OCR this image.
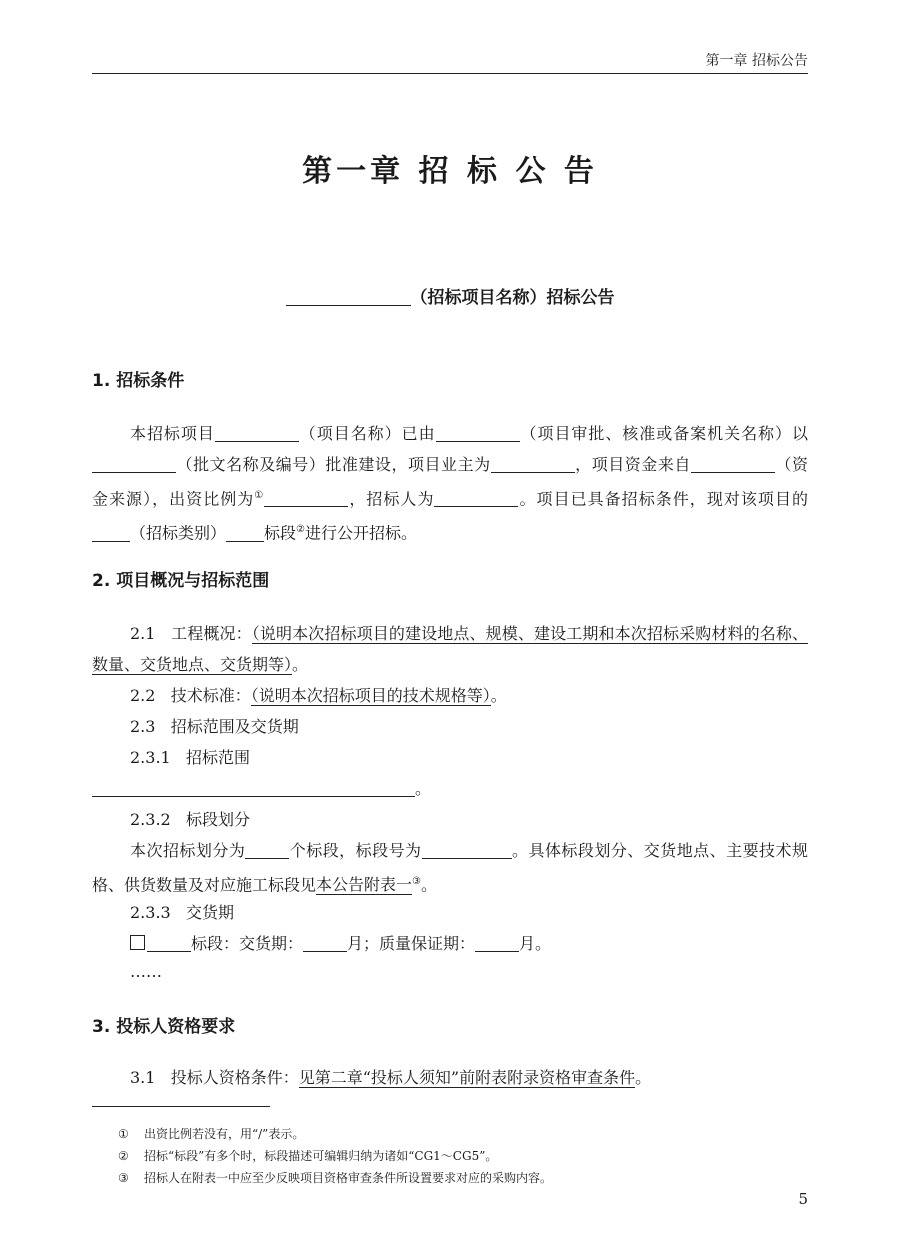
第一章 招标公告
第一章 招 标 公 告
（招标项目名称）招标公告
1. 招标条件

本招标项目	（项目名称）已由	（项目审批、核准或备案机关名称）以（批文名称及编号）批准建设，项目业主为	，项目资金来自	（资金来源），出资比例为①	，招标人为	。项目已具备招标条件，现对该项目的（招标类别） 标段②进行公开招标。

2. 项目概况与招标范围

2.1 工程概况：（说明本次招标项目的建设地点、规模、建设工期和本次招标采购材料的名称、数量、交货地点、交货期等）。

2.2 技术标准：（说明本次招标项目的技术规格等）。
2.3 招标范围及交货期
2.3.1 招标范围
。
2.3.2 标段划分

本次招标划分为	个标段，标段号为	。具体标段划分、交货地点、主要技术规格、供货数量及对应施工标段见本公告附表一③。

2.3.3 交货期
标段：交货期：	月；质量保证期：	月。
……
3. 投标人资格要求
3.1 投标人资格条件：见第二章“投标人须知”前附表附录资格审查条件。
① 出资比例若没有，用“/”表示。
② 招标“标段”有多个时，标段描述可编辑归纳为诸如“CG1～CG5”。
③ 招标人在附表一中应至少反映项目资格审查条件所设置要求对应的采购内容。
5
